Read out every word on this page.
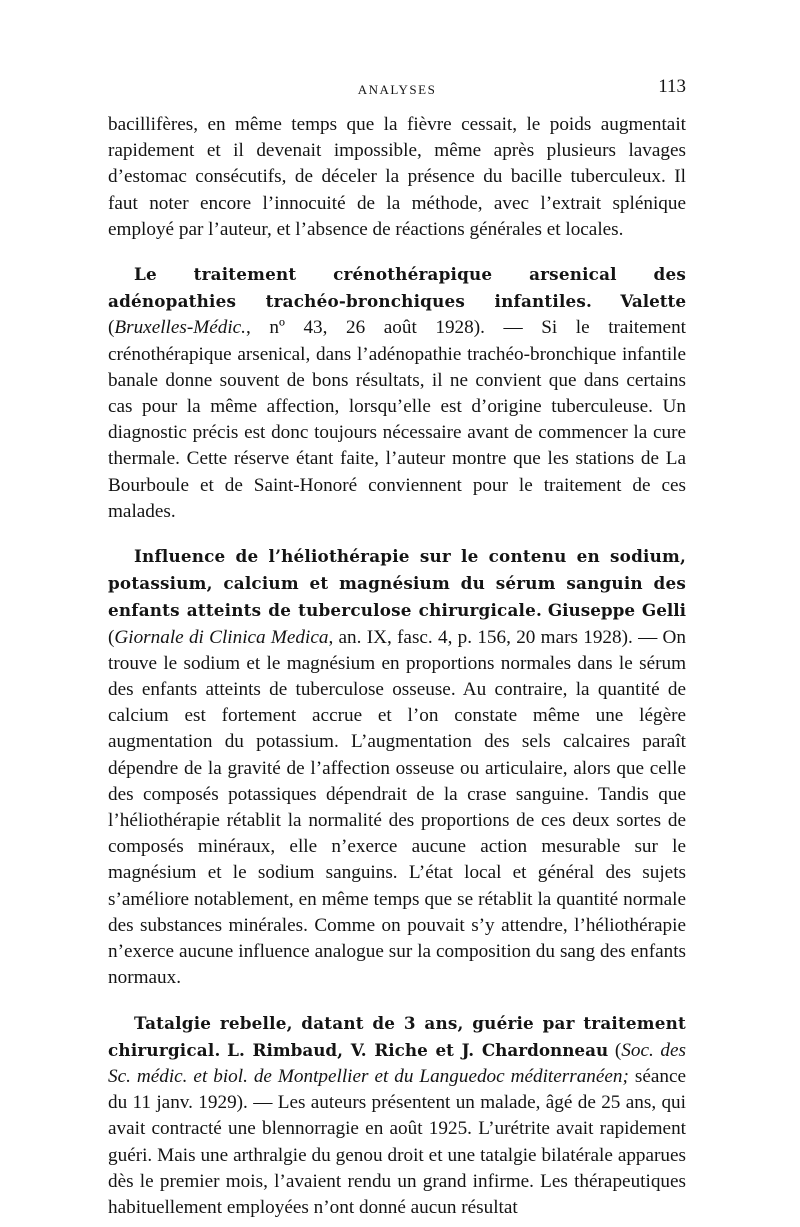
ANALYSES	113

bacillifères, en même temps que la fièvre cessait, le poids augmentait rapidement et il devenait impossible, même après plusieurs lavages d’estomac consécutifs, de déceler la présence du bacille tuberculeux. Il faut noter encore l’innocuité de la méthode, avec l’extrait splénique employé par l’auteur, et l’absence de réactions générales et locales.

Le traitement crénothérapique arsenical des adénopathies trachéo-bronchiques infantiles. Valette (Bruxelles-Médic., nº 43, 26 août 1928). — Si le traitement crénothérapique arsenical, dans l’adénopathie trachéo-bronchique infantile banale donne souvent de bons résultats, il ne convient que dans certains cas pour la même affection, lorsqu’elle est d’origine tuberculeuse. Un diagnostic précis est donc toujours nécessaire avant de commencer la cure thermale. Cette réserve étant faite, l’auteur montre que les stations de La Bourboule et de Saint-Honoré conviennent pour le traitement de ces malades.

Influence de l’héliothérapie sur le contenu en sodium, potassium, calcium et magnésium du sérum sanguin des enfants atteints de tuberculose chirurgicale. Giuseppe Gelli (Giornale di Clinica Medica, an. IX, fasc. 4, p. 156, 20 mars 1928). — On trouve le sodium et le magnésium en proportions normales dans le sérum des enfants atteints de tuberculose osseuse. Au contraire, la quantité de calcium est fortement accrue et l’on constate même une légère augmentation du potassium. L’augmentation des sels calcaires paraît dépendre de la gravité de l’affection osseuse ou articulaire, alors que celle des composés potassiques dépendrait de la crase sanguine. Tandis que l’héliothérapie rétablit la normalité des proportions de ces deux sortes de composés minéraux, elle n’exerce aucune action mesurable sur le magnésium et le sodium sanguins. L’état local et général des sujets s’améliore notablement, en même temps que se rétablit la quantité normale des substances minérales. Comme on pouvait s’y attendre, l’héliothérapie n’exerce aucune influence analogue sur la composition du sang des enfants normaux.

Tatalgie rebelle, datant de 3 ans, guérie par traitement chirurgical. L. Rimbaud, V. Riche et J. Chardonneau (Soc. des Sc. médic. et biol. de Montpellier et du Languedoc méditerranéen; séance du 11 janv. 1929). — Les auteurs présentent un malade, âgé de 25 ans, qui avait contracté une blennorragie en août 1925. L’urétrite avait rapidement guéri. Mais une arthralgie du genou droit et une tatalgie bilatérale apparues dès le premier mois, l’avaient rendu un grand infirme. Les thérapeutiques habituellement employées n’ont donné aucun résultat
